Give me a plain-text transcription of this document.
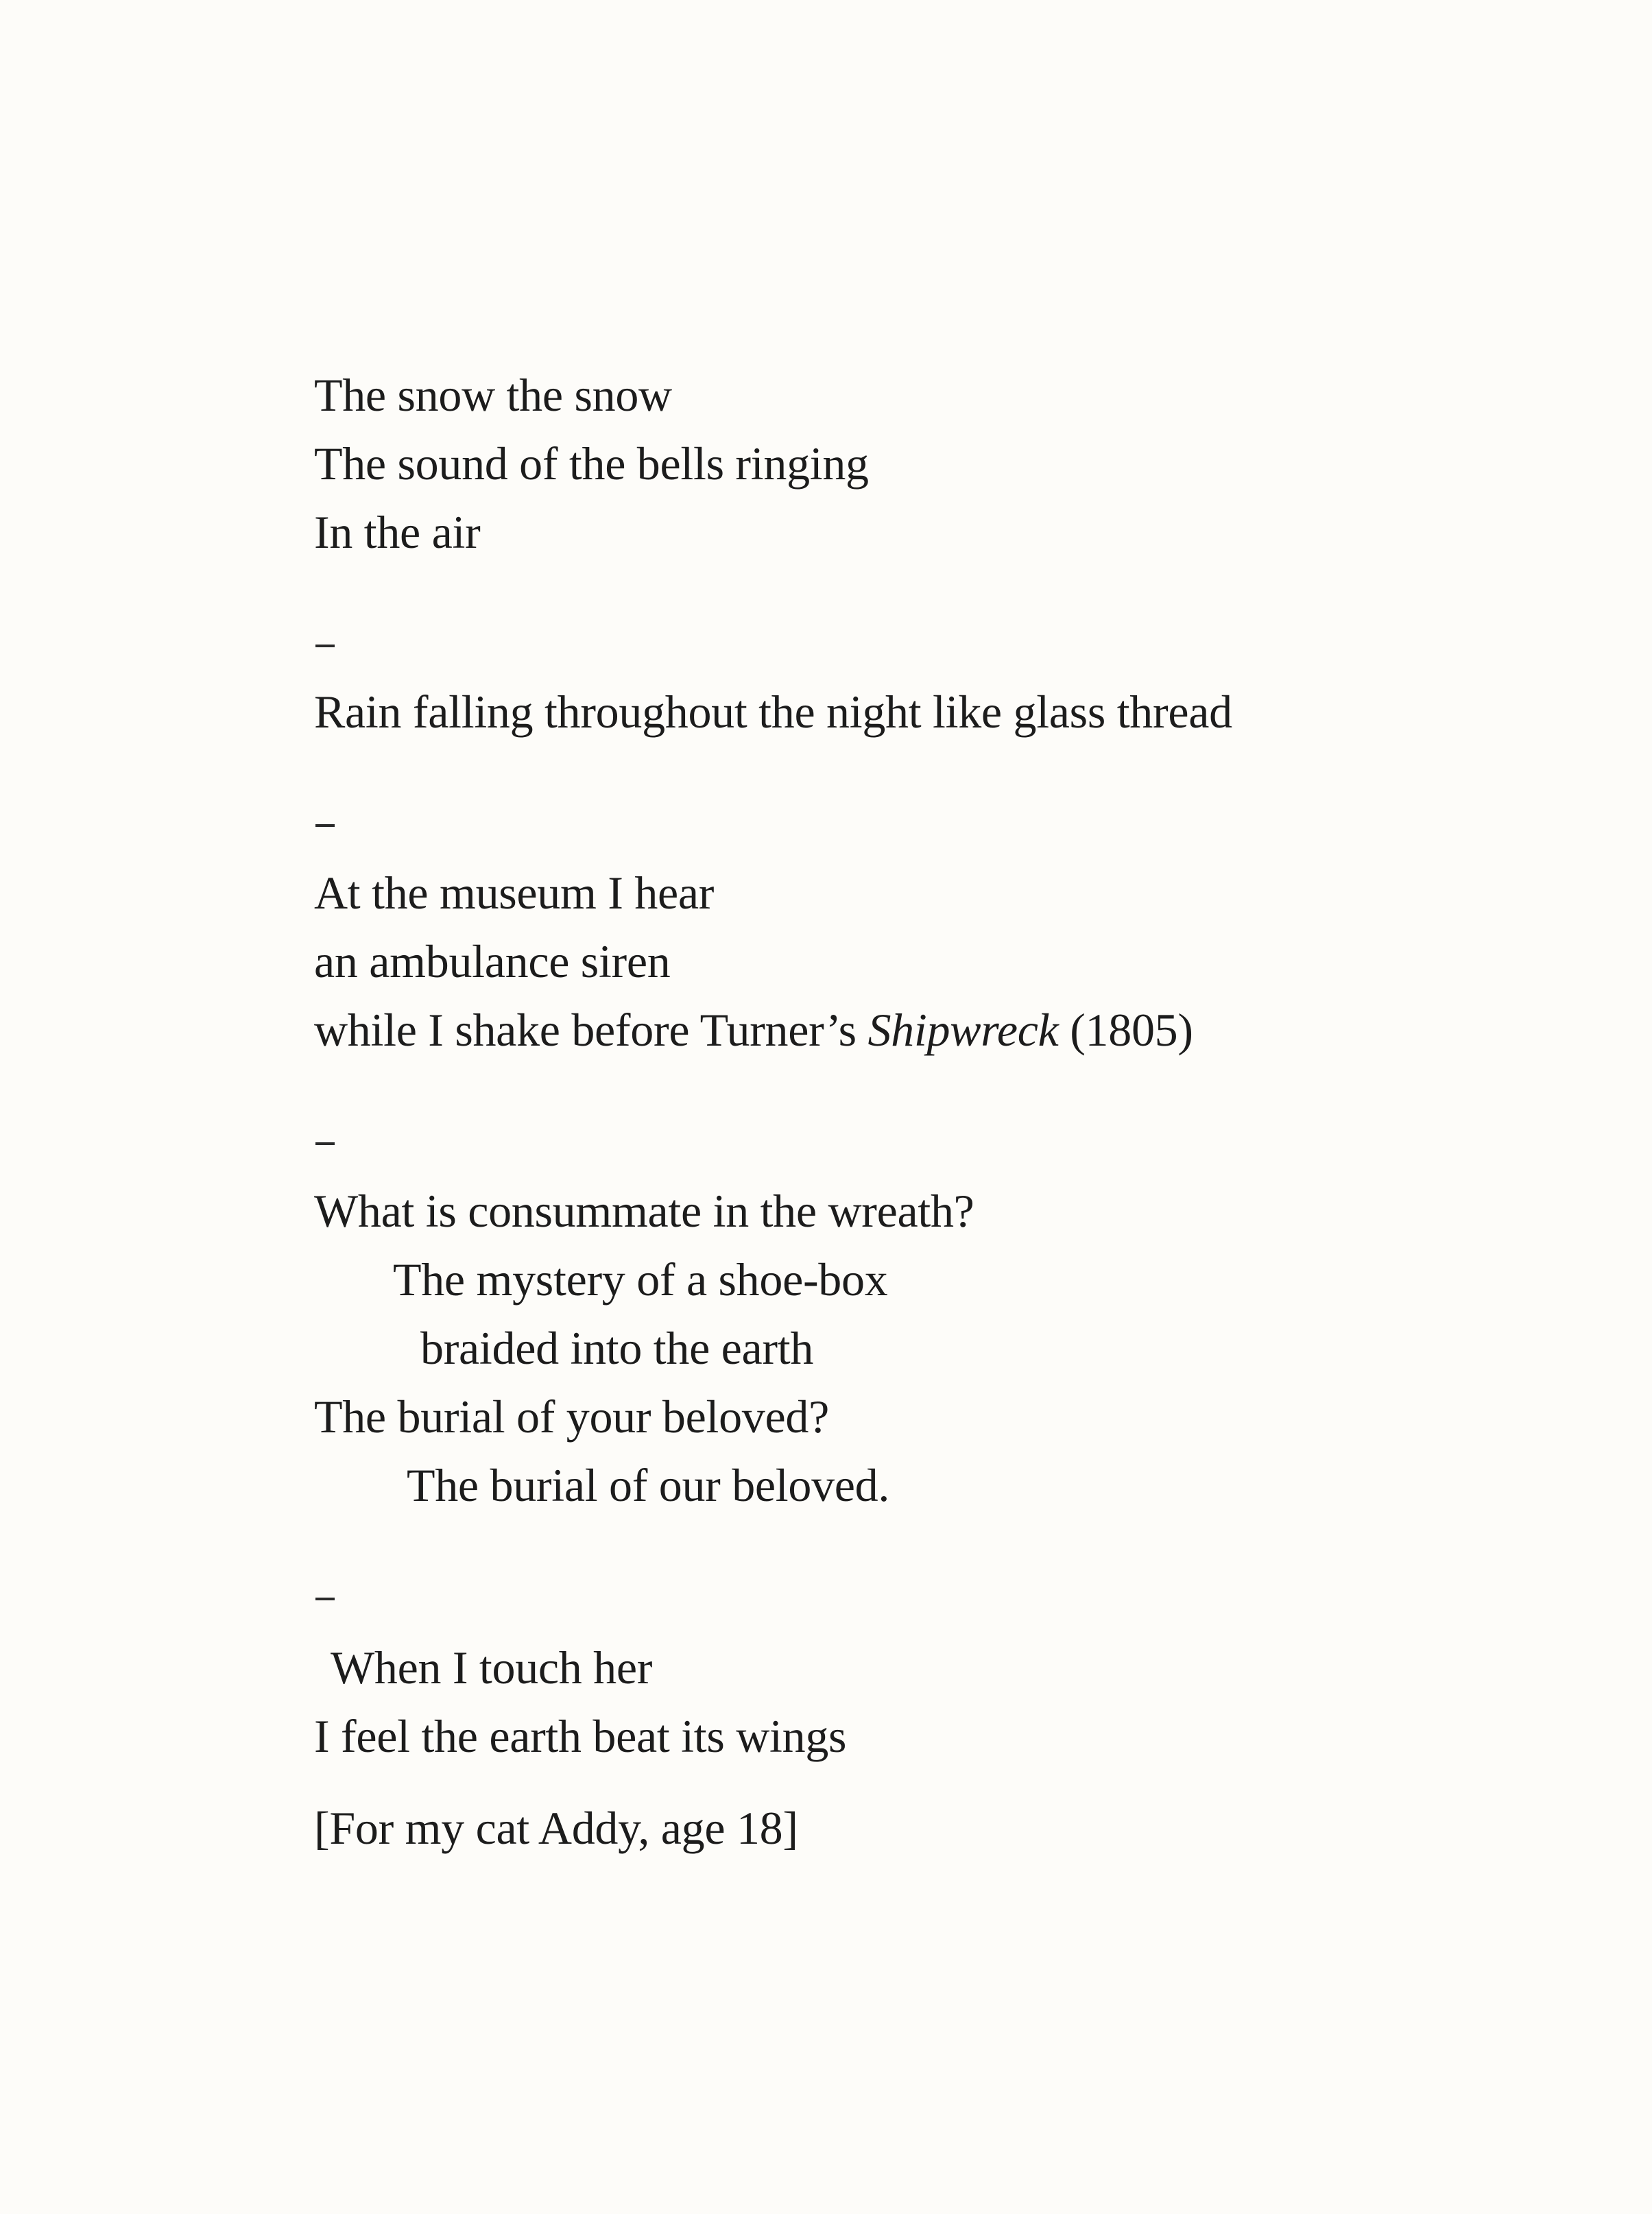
The snow the snow
The sound of the bells ringing
In the air
Rain falling throughout the night like glass thread
At the museum I hear
an ambulance siren
while I shake before Turner’s Shipwreck (1805)
What is consummate in the wreath?
The mystery of a shoe-box
braided into the earth
The burial of your beloved?
The burial of our beloved.
When I touch her
I feel the earth beat its wings
[For my cat Addy, age 18]
